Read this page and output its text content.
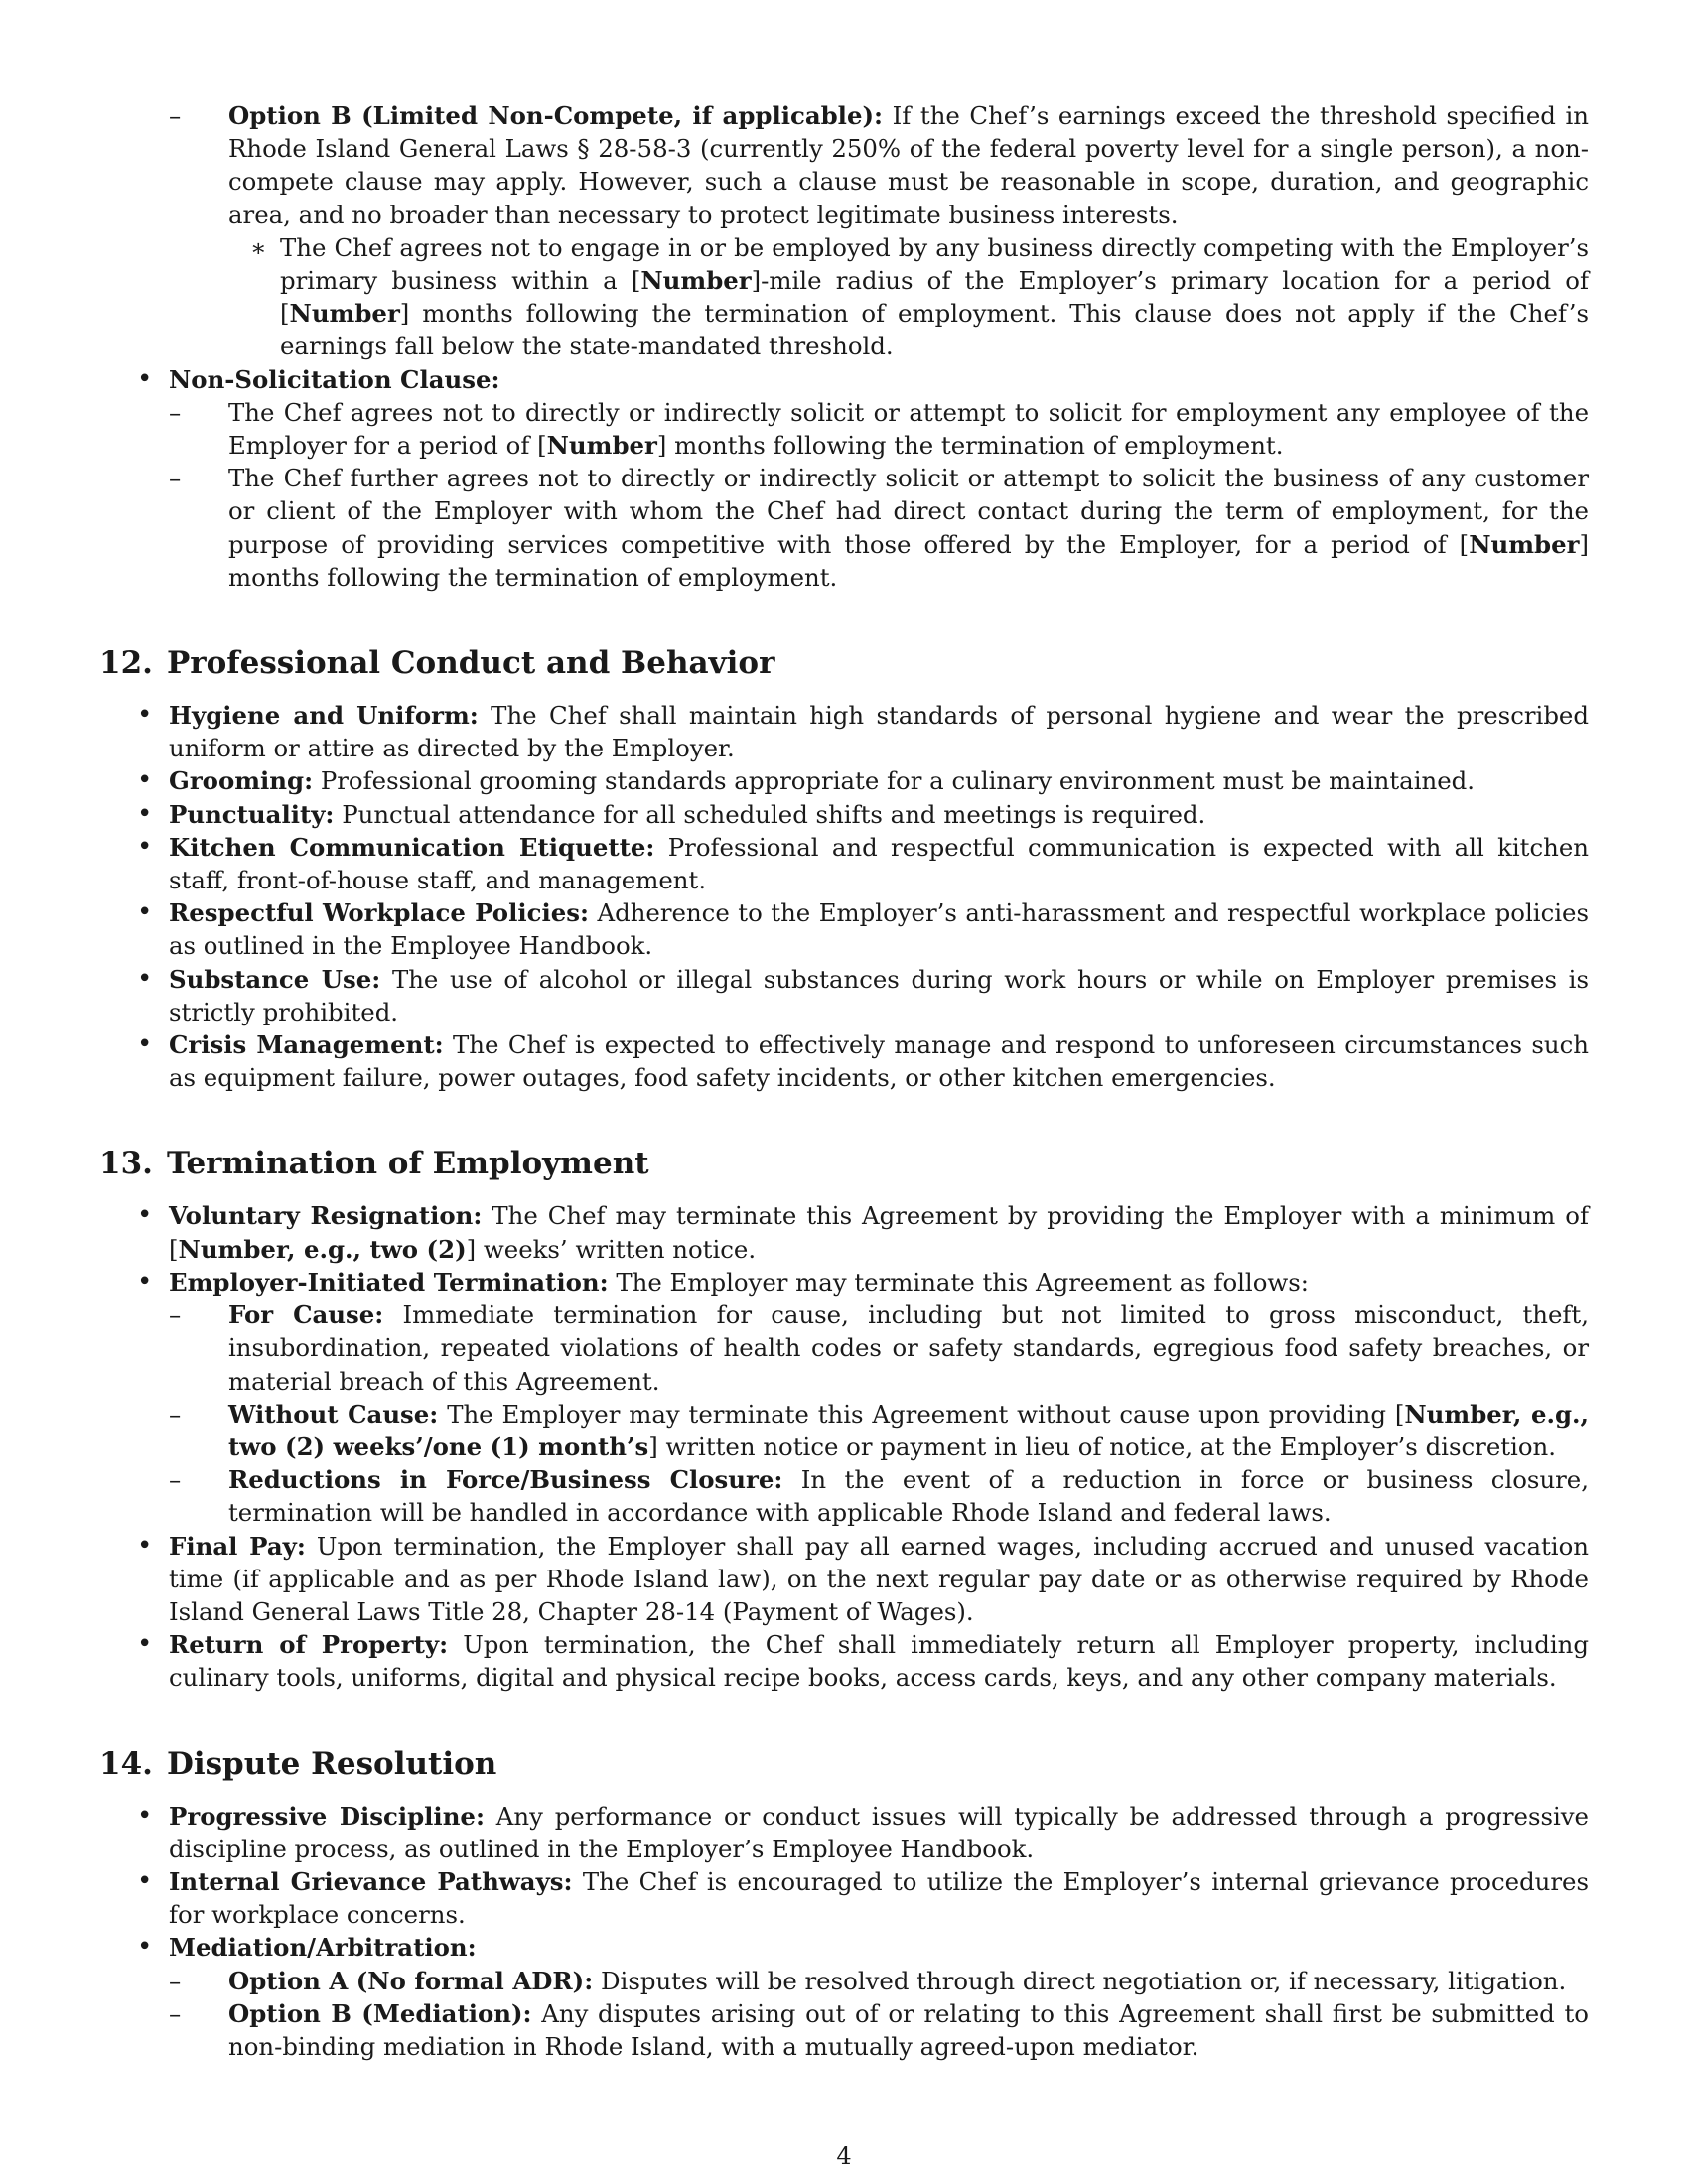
– Option B (Limited Non-Compete, if applicable): If the Chef’s earnings exceed the threshold specified in Rhode Island General Laws § 28-58-3 (currently 250% of the federal poverty level for a single person), a non-compete clause may apply. However, such a clause must be reasonable in scope, duration, and geographic area, and no broader than necessary to protect legitimate business interests.
∗ The Chef agrees not to engage in or be employed by any business directly competing with the Employer’s primary business within a [Number]-mile radius of the Employer’s primary location for a period of [Number] months following the termination of employment. This clause does not apply if the Chef’s earnings fall below the state-mandated threshold.
• Non-Solicitation Clause:
– The Chef agrees not to directly or indirectly solicit or attempt to solicit for employment any employee of the Employer for a period of [Number] months following the termination of employment.
– The Chef further agrees not to directly or indirectly solicit or attempt to solicit the business of any customer or client of the Employer with whom the Chef had direct contact during the term of employment, for the purpose of providing services competitive with those offered by the Employer, for a period of [Number] months following the termination of employment.
12. Professional Conduct and Behavior
• Hygiene and Uniform: The Chef shall maintain high standards of personal hygiene and wear the prescribed uniform or attire as directed by the Employer.
• Grooming: Professional grooming standards appropriate for a culinary environment must be maintained.
• Punctuality: Punctual attendance for all scheduled shifts and meetings is required.
• Kitchen Communication Etiquette: Professional and respectful communication is expected with all kitchen staff, front-of-house staff, and management.
• Respectful Workplace Policies: Adherence to the Employer’s anti-harassment and respectful workplace policies as outlined in the Employee Handbook.
• Substance Use: The use of alcohol or illegal substances during work hours or while on Employer premises is strictly prohibited.
• Crisis Management: The Chef is expected to effectively manage and respond to unforeseen circumstances such as equipment failure, power outages, food safety incidents, or other kitchen emergencies.
13. Termination of Employment
• Voluntary Resignation: The Chef may terminate this Agreement by providing the Employer with a minimum of [Number, e.g., two (2)] weeks’ written notice.
• Employer-Initiated Termination: The Employer may terminate this Agreement as follows:
– For Cause: Immediate termination for cause, including but not limited to gross misconduct, theft, insubordination, repeated violations of health codes or safety standards, egregious food safety breaches, or material breach of this Agreement.
– Without Cause: The Employer may terminate this Agreement without cause upon providing [Number, e.g., two (2) weeks’/one (1) month’s] written notice or payment in lieu of notice, at the Employer’s discretion.
– Reductions in Force/Business Closure: In the event of a reduction in force or business closure, termination will be handled in accordance with applicable Rhode Island and federal laws.
• Final Pay: Upon termination, the Employer shall pay all earned wages, including accrued and unused vacation time (if applicable and as per Rhode Island law), on the next regular pay date or as otherwise required by Rhode Island General Laws Title 28, Chapter 28-14 (Payment of Wages).
• Return of Property: Upon termination, the Chef shall immediately return all Employer property, including culinary tools, uniforms, digital and physical recipe books, access cards, keys, and any other company materials.
14. Dispute Resolution
• Progressive Discipline: Any performance or conduct issues will typically be addressed through a progressive discipline process, as outlined in the Employer’s Employee Handbook.
• Internal Grievance Pathways: The Chef is encouraged to utilize the Employer’s internal grievance procedures for workplace concerns.
• Mediation/Arbitration:
– Option A (No formal ADR): Disputes will be resolved through direct negotiation or, if necessary, litigation.
– Option B (Mediation): Any disputes arising out of or relating to this Agreement shall first be submitted to non-binding mediation in Rhode Island, with a mutually agreed-upon mediator.
4
